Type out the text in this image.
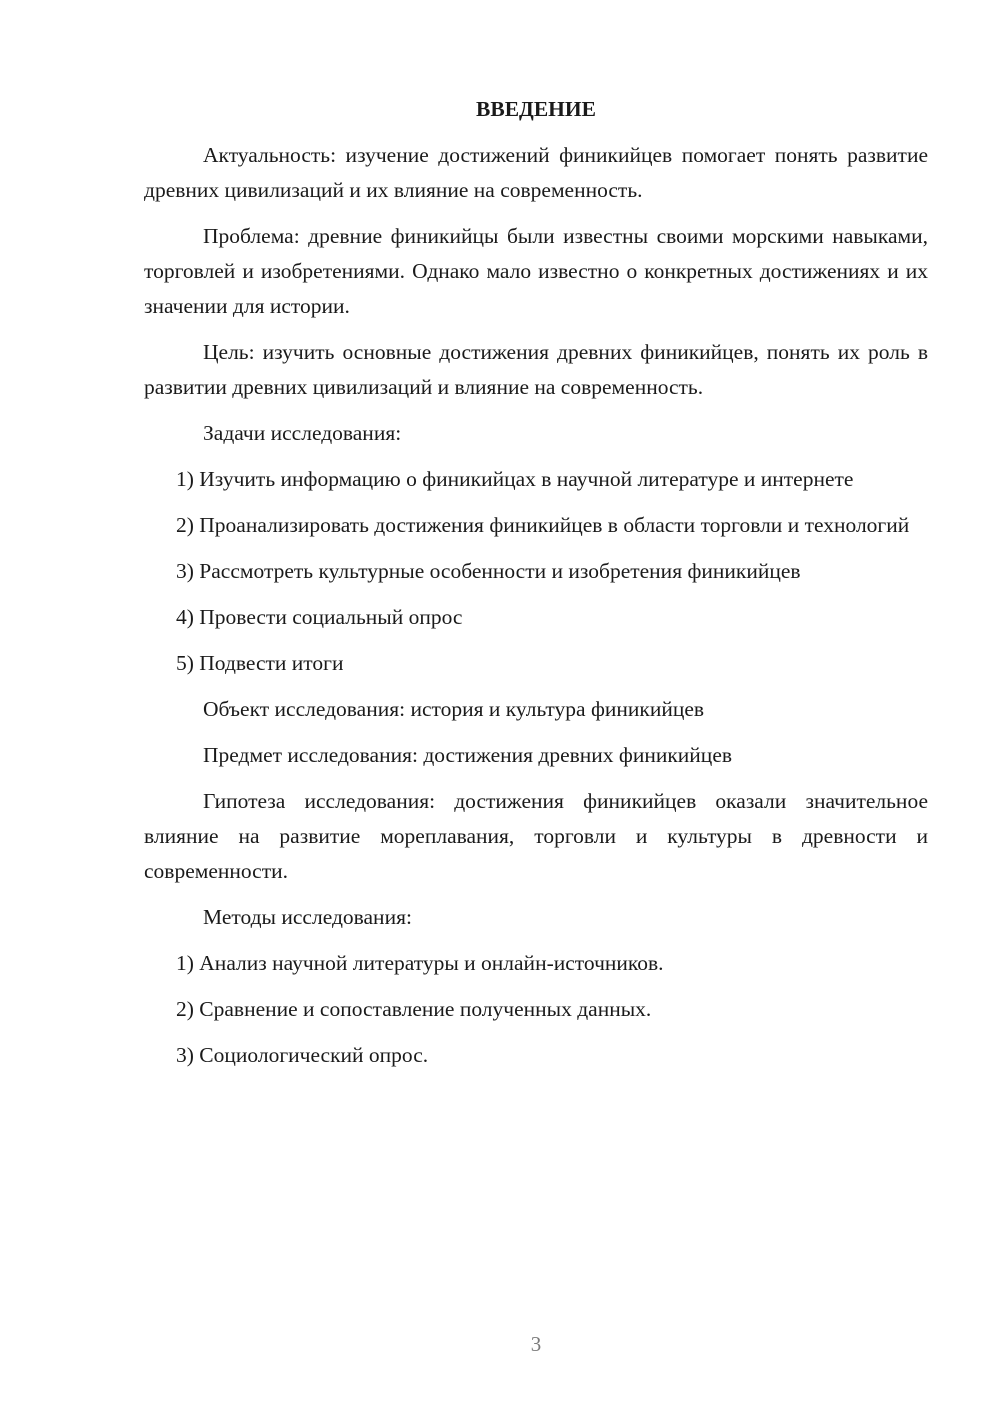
ВВЕДЕНИЕ
Актуальность: изучение достижений финикийцев помогает понять развитие древних цивилизаций и их влияние на современность.
Проблема: древние финикийцы были известны своими морскими навыками, торговлей и изобретениями. Однако мало известно о конкретных достижениях и их значении для истории.
Цель: изучить основные достижения древних финикийцев, понять их роль в развитии древних цивилизаций и влияние на современность.
Задачи исследования:
1) Изучить информацию о финикийцах в научной литературе и интернете
2) Проанализировать достижения финикийцев в области торговли и технологий
3) Рассмотреть культурные особенности и изобретения финикийцев
4) Провести социальный опрос
5) Подвести итоги
Объект исследования: история и культура финикийцев
Предмет исследования: достижения древних финикийцев
Гипотеза исследования: достижения финикийцев оказали значительное влияние на развитие мореплавания, торговли и культуры в древности и современности.
Методы исследования:
1) Анализ научной литературы и онлайн-источников.
2) Сравнение и сопоставление полученных данных.
3) Социологический опрос.
3
